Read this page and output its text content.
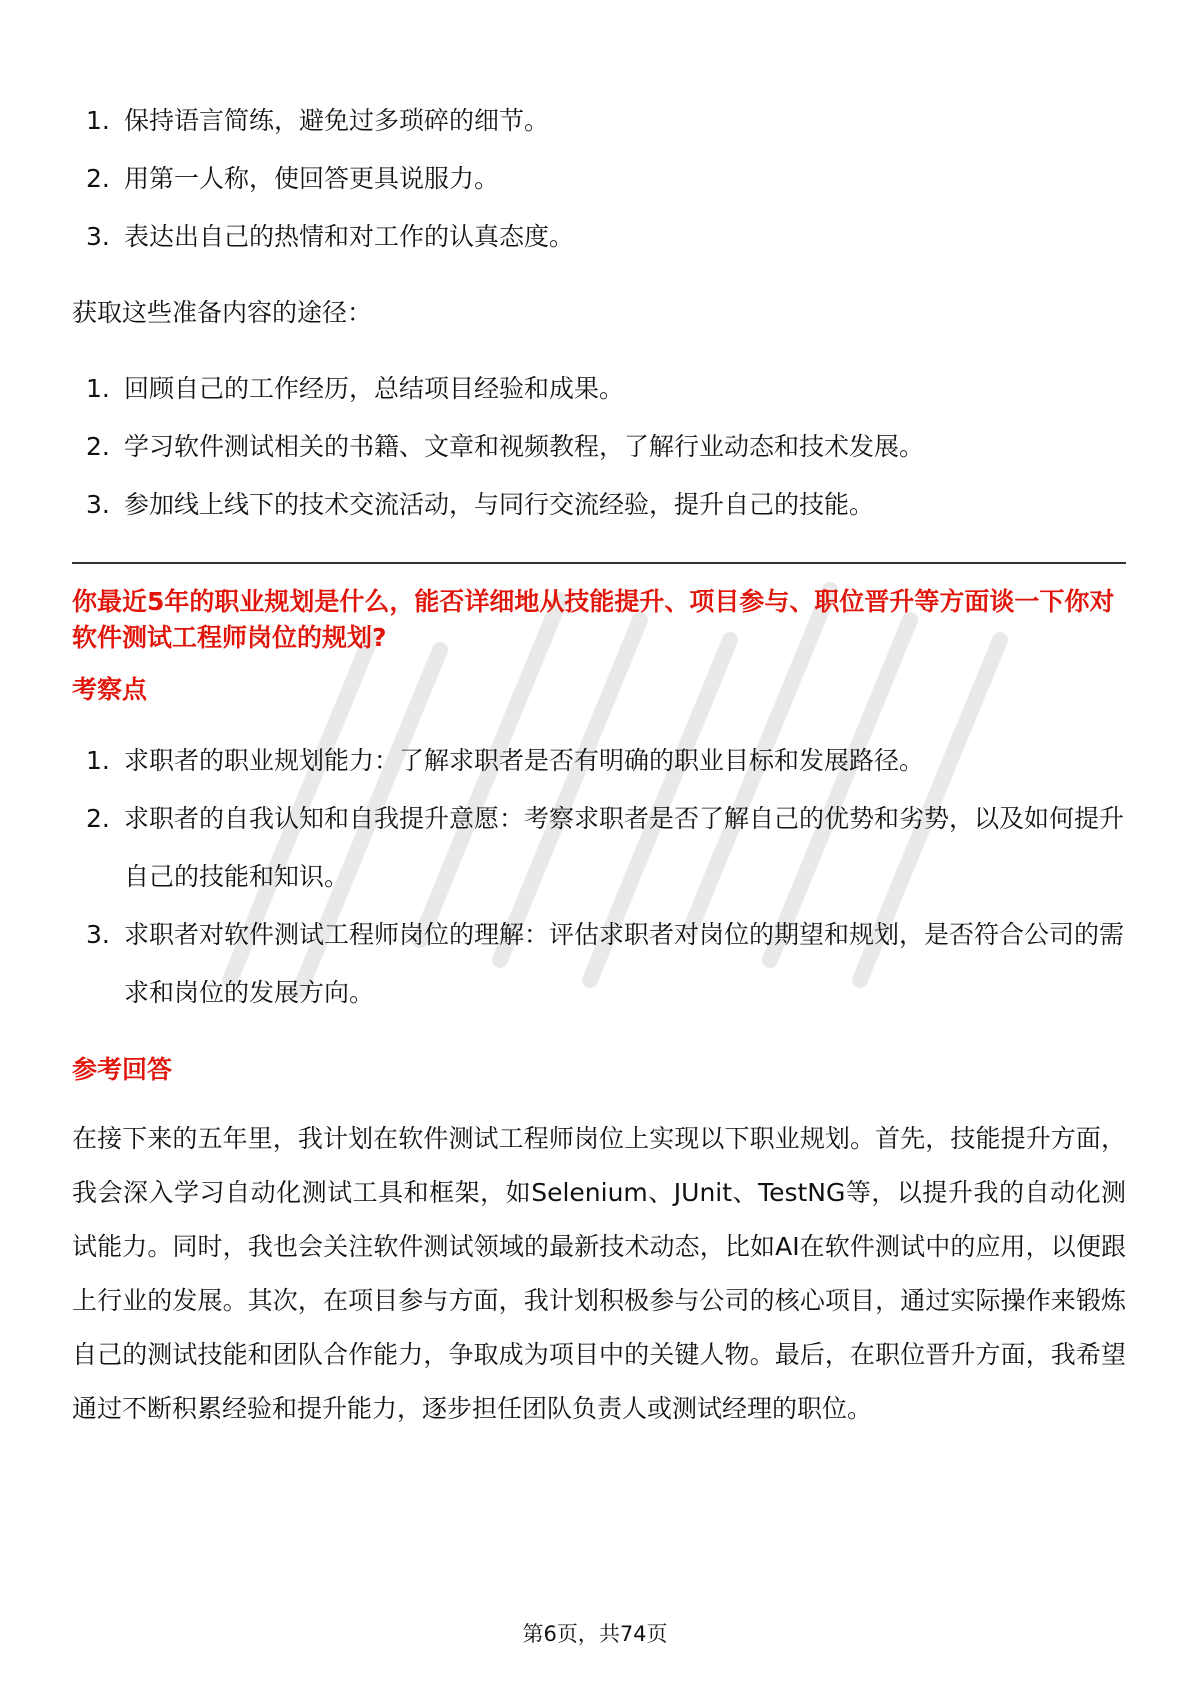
1. 保持语言简练，避免过多琐碎的细节。
2. 用第一人称，使回答更具说服力。
3. 表达出自己的热情和对工作的认真态度。

获取这些准备内容的途径：

1. 回顾自己的工作经历，总结项目经验和成果。
2. 学习软件测试相关的书籍、文章和视频教程，了解行业动态和技术发展。
3. 参加线上线下的技术交流活动，与同行交流经验，提升自己的技能。

你最近5年的职业规划是什么，能否详细地从技能提升、项目参与、职位晋升等方面谈一下你对软件测试工程师岗位的规划?

考察点

1. 求职者的职业规划能力：了解求职者是否有明确的职业目标和发展路径。
2. 求职者的自我认知和自我提升意愿：考察求职者是否了解自己的优势和劣势，以及如何提升自己的技能和知识。
3. 求职者对软件测试工程师岗位的理解：评估求职者对岗位的期望和规划，是否符合公司的需求和岗位的发展方向。

参考回答

在接下来的五年里，我计划在软件测试工程师岗位上实现以下职业规划。首先，技能提升方面，我会深入学习自动化测试工具和框架，如Selenium、JUnit、TestNG等，以提升我的自动化测试能力。同时，我也会关注软件测试领域的最新技术动态，比如AI在软件测试中的应用，以便跟上行业的发展。其次，在项目参与方面，我计划积极参与公司的核心项目，通过实际操作来锻炼自己的测试技能和团队合作能力，争取成为项目中的关键人物。最后，在职位晋升方面，我希望通过不断积累经验和提升能力，逐步担任团队负责人或测试经理的职位。

第6页，共74页
